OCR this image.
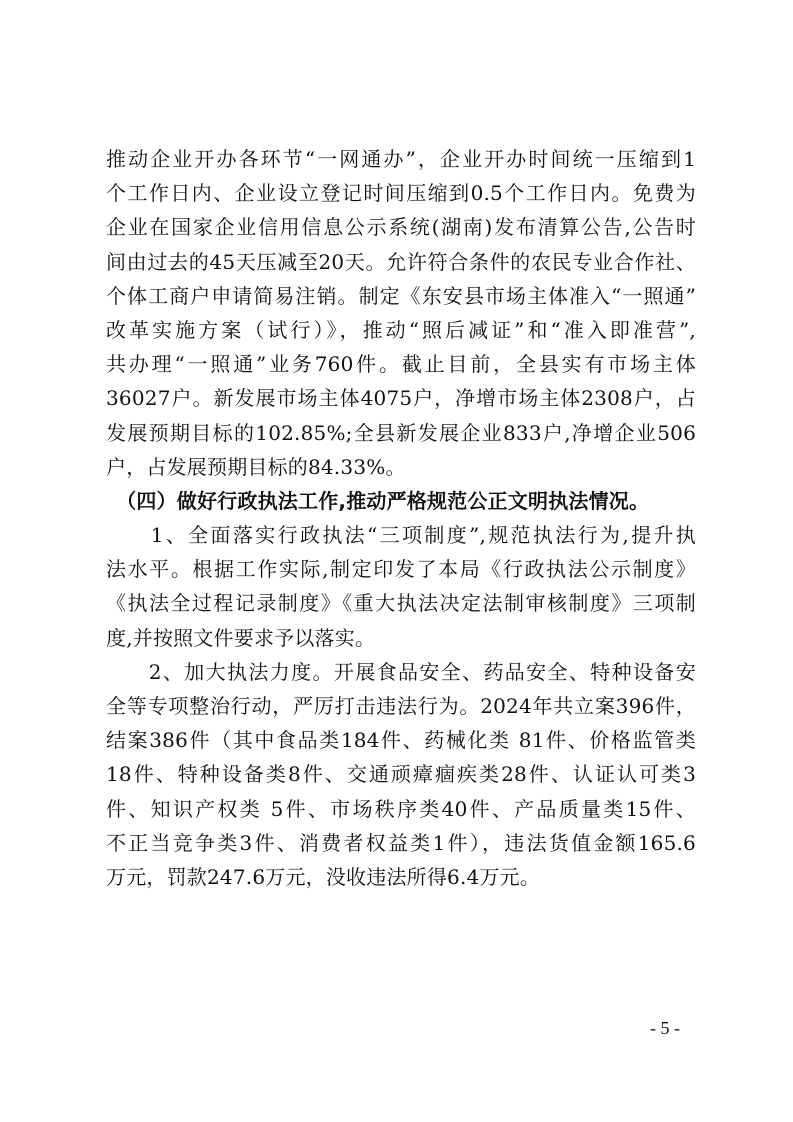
推动企业开办各环节“一网通办”，企业开办时间统一压缩到1
个工作日内、企业设立登记时间压缩到0.5个工作日内。免费为
企业在国家企业信用信息公示系统(湖南)发布清算公告,公告时
间由过去的45天压减至20天。允许符合条件的农民专业合作社、
个体工商户申请简易注销。制定《东安县市场主体准入“一照通”
改革实施方案（试行）》，推动“照后减证”和“准入即准营”,
共办理“一照通”业务760件。截止目前，全县实有市场主体
36027户。新发展市场主体4075户，净增市场主体2308户，占
发展预期目标的102.85%;全县新发展企业833户,净增企业506
户，占发展预期目标的84.33%。
　（四）做好行政执法工作,推动严格规范公正文明执法情况。
　　1、全面落实行政执法“三项制度”,规范执法行为,提升执
法水平。根据工作实际,制定印发了本局《行政执法公示制度》
《执法全过程记录制度》《重大执法决定法制审核制度》三项制
度,并按照文件要求予以落实。
　　2、加大执法力度。开展食品安全、药品安全、特种设备安
全等专项整治行动，严厉打击违法行为。2024年共立案396件，
结案386件（其中食品类184件、药械化类 81件、价格监管类
18件、特种设备类8件、交通顽瘴痼疾类28件、认证认可类3
件、知识产权类 5件、市场秩序类40件、产品质量类15件、
不正当竞争类3件、消费者权益类1件），违法货值金额165.6
万元，罚款247.6万元，没收违法所得6.4万元。
- 5 -
